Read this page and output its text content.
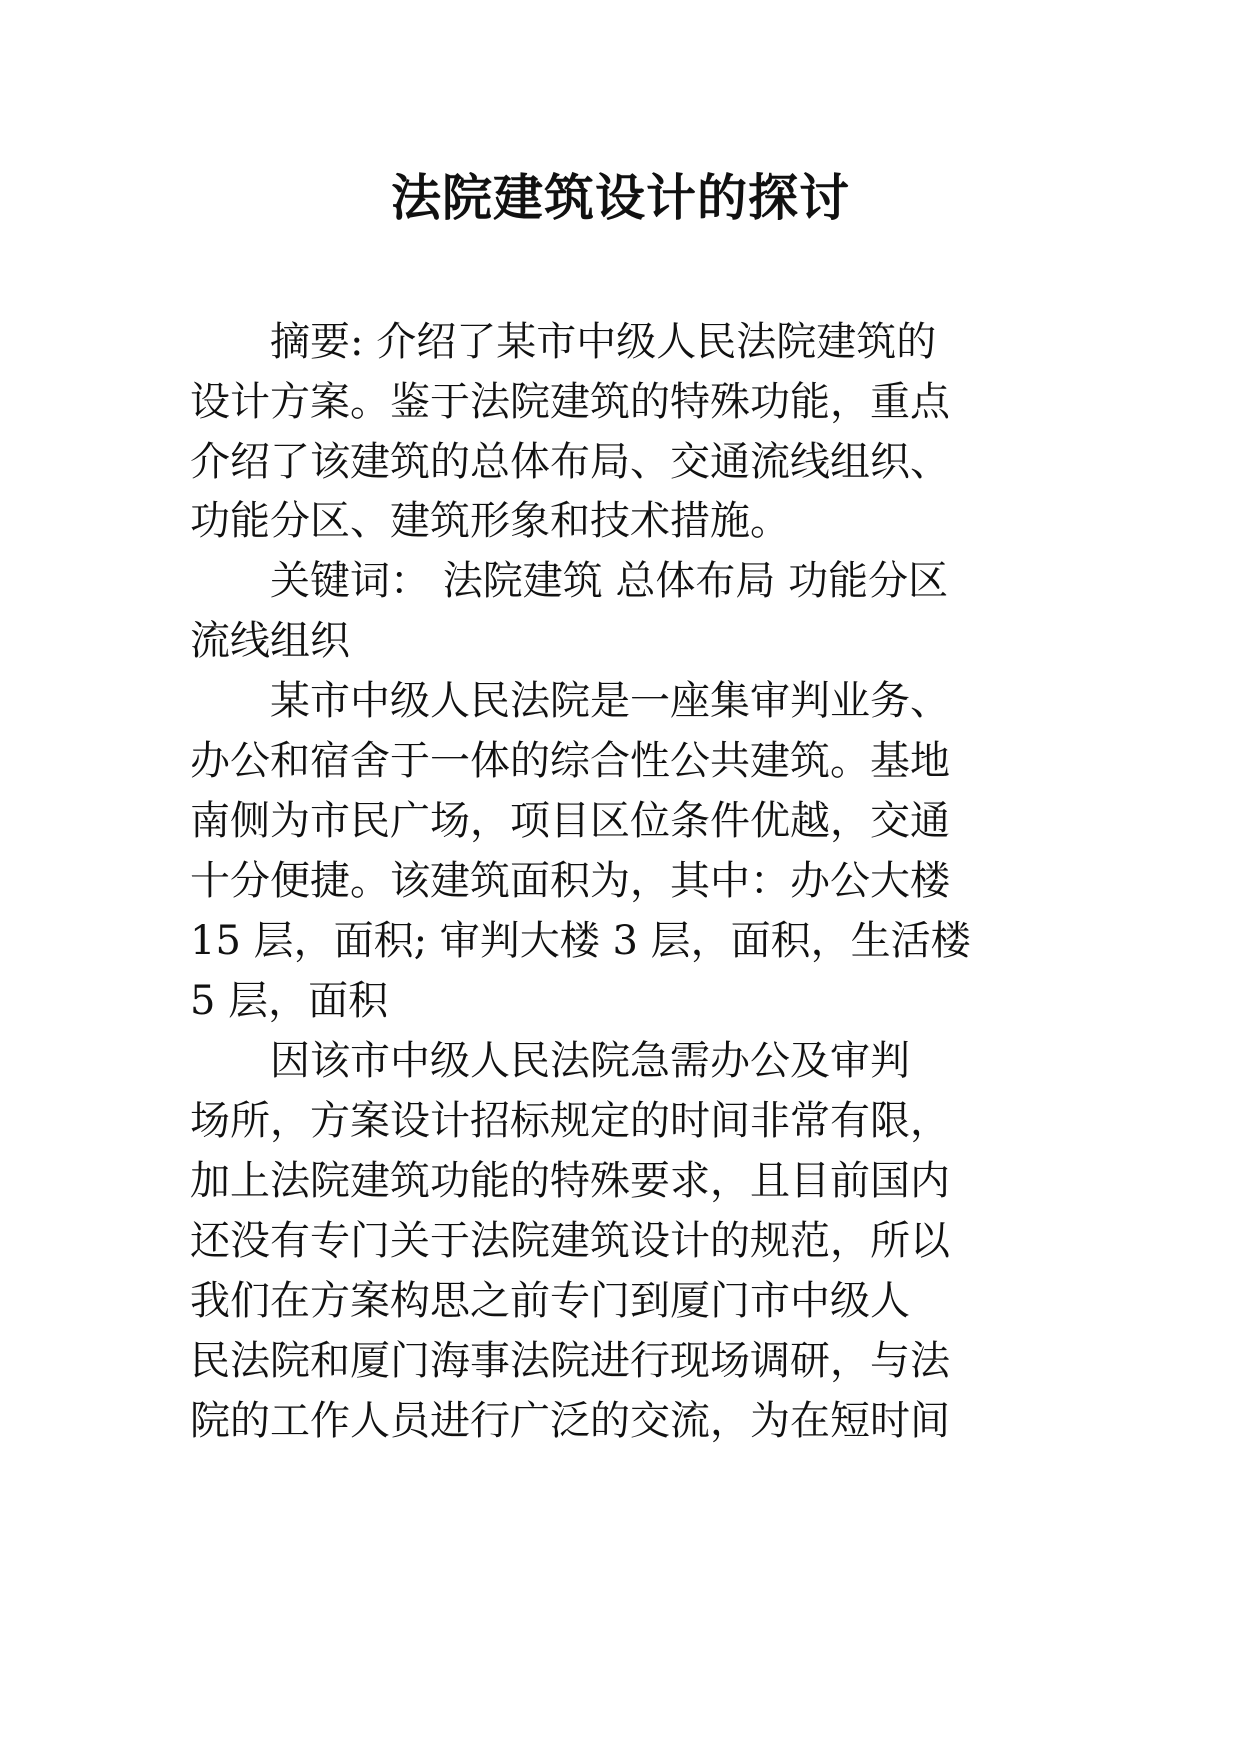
法院建筑设计的探讨
　　摘要: 介绍了某市中级人民法院建筑的
设计方案。鉴于法院建筑的特殊功能，重点
介绍了该建筑的总体布局、交通流线组织、
功能分区、建筑形象和技术措施。
　　关键词： 法院建筑 总体布局 功能分区
流线组织
　　某市中级人民法院是一座集审判业务、
办公和宿舍于一体的综合性公共建筑。基地
南侧为市民广场，项目区位条件优越，交通
十分便捷。该建筑面积为，其中：办公大楼
15 层，面积; 审判大楼 3 层，面积，生活楼
5 层，面积
　　因该市中级人民法院急需办公及审判
场所，方案设计招标规定的时间非常有限，
加上法院建筑功能的特殊要求，且目前国内
还没有专门关于法院建筑设计的规范，所以
我们在方案构思之前专门到厦门市中级人
民法院和厦门海事法院进行现场调研，与法
院的工作人员进行广泛的交流，为在短时间
